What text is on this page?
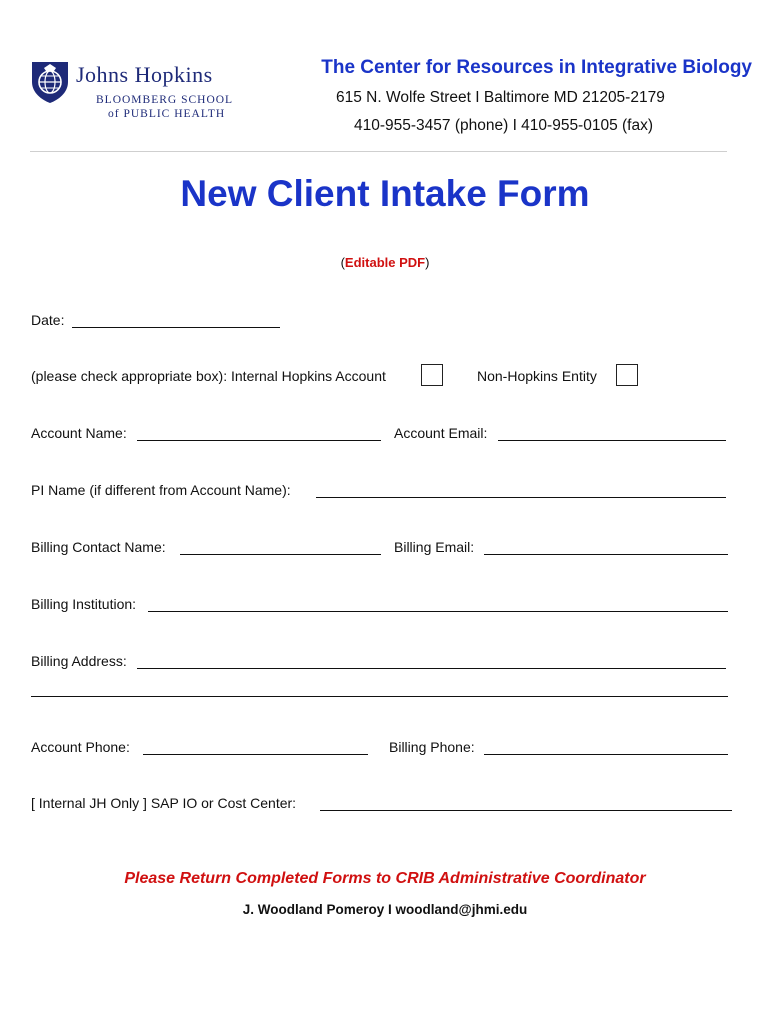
Johns Hopkins
BLOOMBERG SCHOOL
of PUBLIC HEALTH
The Center for Resources in Integrative Biology
615 N. Wolfe Street I Baltimore MD 21205-2179
410-955-3457 (phone) I 410-955-0105 (fax)
New Client Intake Form
(Editable PDF)
Date:
(please check appropriate box): Internal Hopkins Account	Non-Hopkins Entity
Account Name:	Account Email:
PI Name (if different from Account Name):
Billing Contact Name:	Billing Email:
Billing Institution:
Billing Address:
Account Phone:	Billing Phone:
[ Internal JH Only ] SAP IO or Cost Center:
Please Return Completed Forms to CRIB Administrative Coordinator
J. Woodland Pomeroy I woodland@jhmi.edu
